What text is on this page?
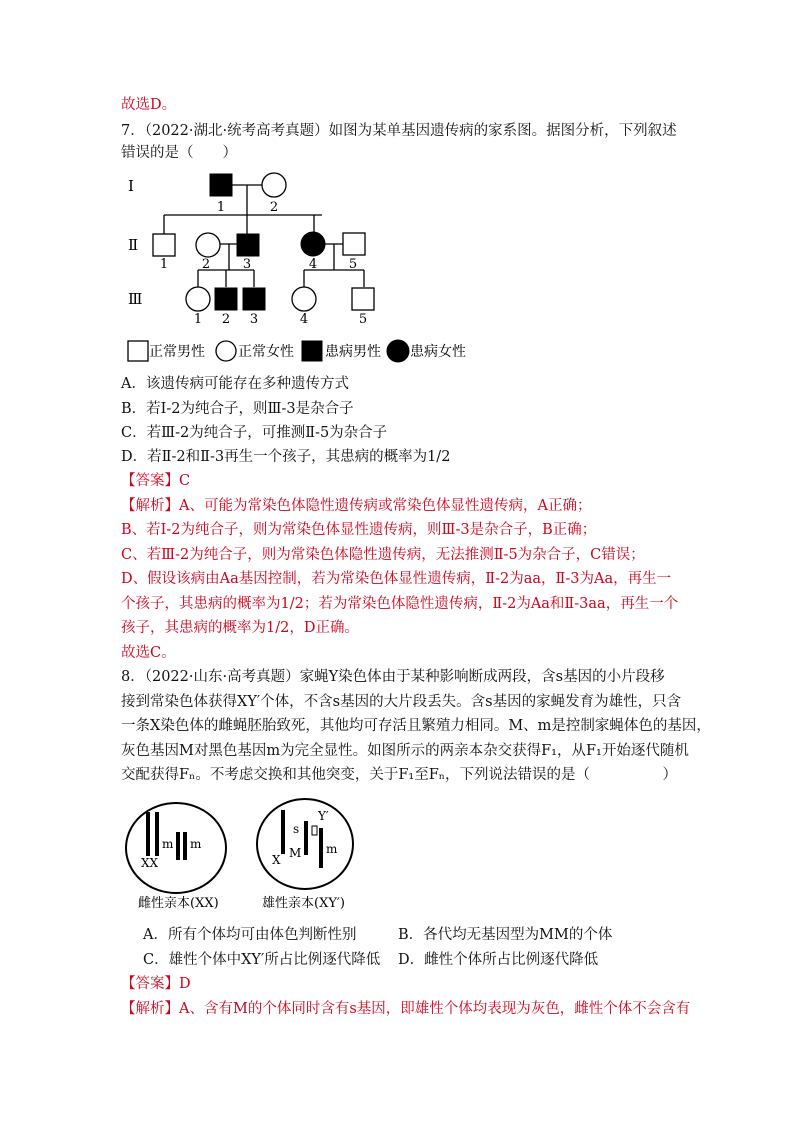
故选D。
7．（2022·湖北·统考高考真题）如图为某单基因遗传病的家系图。据图分析，下列叙述
错误的是（　　）
Ⅰ
Ⅱ
Ⅲ
1	2
1	2	3	4 5
1 2 3	4	5
正常男性 正常女性 患病男性 患病女性
A．该遗传病可能存在多种遗传方式
B．若Ⅰ-2为纯合子，则Ⅲ-3是杂合子
C．若Ⅲ-2为纯合子，可推测Ⅱ-5为杂合子
D．若Ⅱ-2和Ⅱ-3再生一个孩子，其患病的概率为1/2
【答案】C
【解析】A、可能为常染色体隐性遗传病或常染色体显性遗传病，A正确；
B、若Ⅰ-2为纯合子，则为常染色体显性遗传病，则Ⅲ-3是杂合子，B正确；
C、若Ⅲ-2为纯合子，则为常染色体隐性遗传病，无法推测Ⅱ-5为杂合子，C错误；
D、假设该病由Aa基因控制，若为常染色体显性遗传病，Ⅱ-2为aa，Ⅱ-3为Aa，再生一
个孩子，其患病的概率为1/2；若为常染色体隐性遗传病，Ⅱ-2为Aa和Ⅱ-3aa，再生一个
孩子，其患病的概率为1/2，D正确。
故选C。
8．（2022·山东·高考真题）家蝇Y染色体由于某种影响断成两段，含s基因的小片段移
接到常染色体获得XY′个体，不含s基因的大片段丢失。含s基因的家蝇发育为雄性，只含
一条X染色体的雌蝇胚胎致死，其他均可存活且繁殖力相同。M、m是控制家蝇体色的基因，
灰色基因M对黑色基因m为完全显性。如图所示的两亲本杂交获得F₁，从F₁开始逐代随机
交配获得Fₙ。不考虑交换和其他突变，关于F₁至Fₙ，下列说法错误的是（　　　　　）
m m
XX
雌性亲本(XX)
s
Y′
X M m
雄性亲本(XY′)
A．所有个体均可由体色判断性别	B．各代均无基因型为MM的个体
C．雄性个体中XY′所占比例逐代降低 D．雌性个体所占比例逐代降低
【答案】D
【解析】A、含有M的个体同时含有s基因，即雄性个体均表现为灰色，雌性个体不会含有
